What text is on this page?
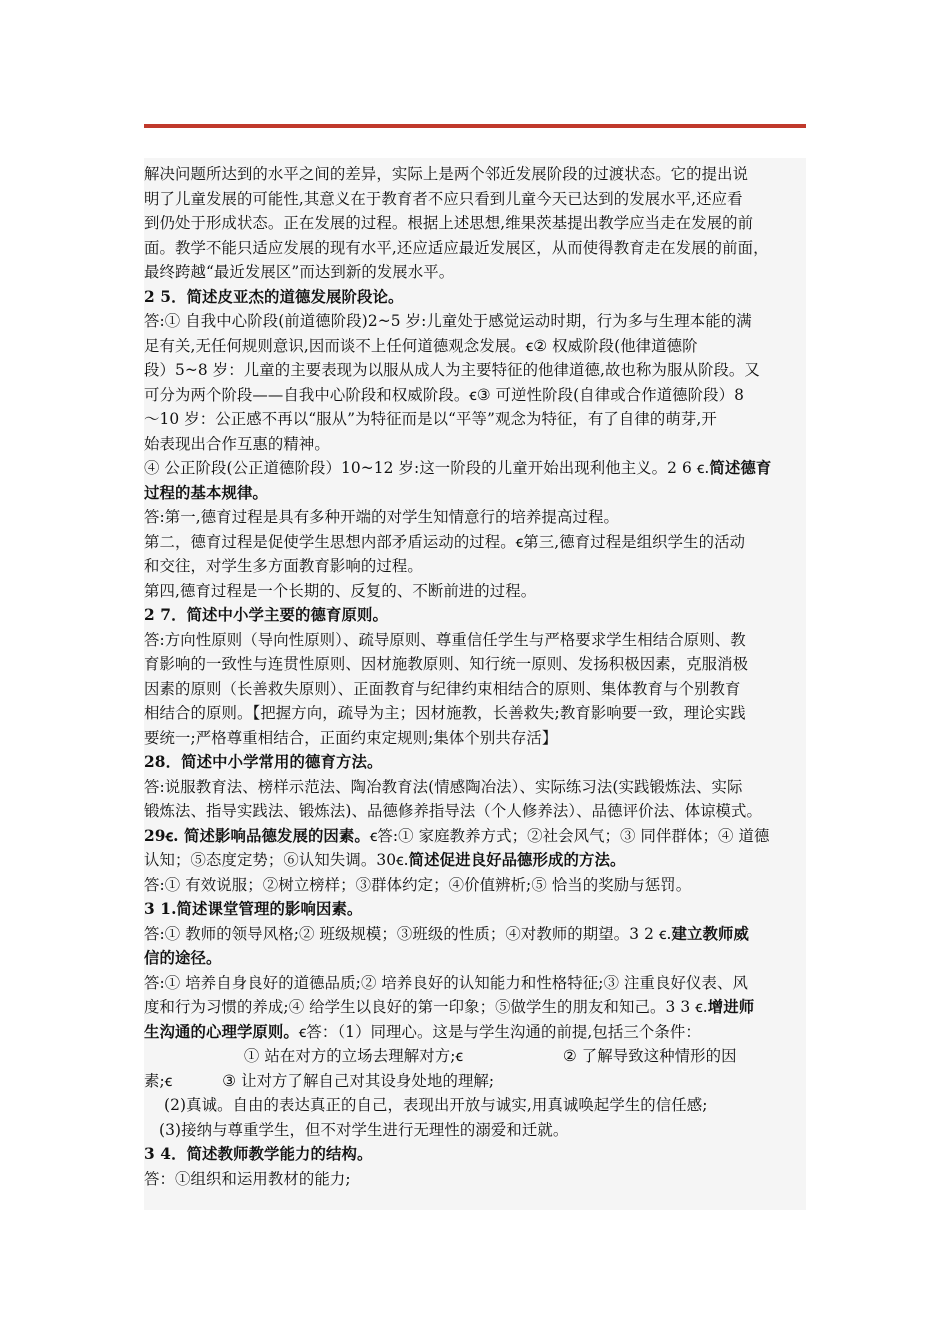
解决问题所达到的水平之间的差异，实际上是两个邻近发展阶段的过渡状态。它的提出说

明了儿童发展的可能性,其意义在于教育者不应只看到儿童今天已达到的发展水平,还应看

到仍处于形成状态。正在发展的过程。根据上述思想,维果茨基提出教学应当走在发展的前

面。教学不能只适应发展的现有水平,还应适应最近发展区，从而使得教育走在发展的前面，

最终跨越“最近发展区”而达到新的发展水平。

2 5．简述皮亚杰的道德发展阶段论。

答:① 自我中心阶段(前道德阶段)2~5 岁:儿童处于感觉运动时期，行为多与生理本能的满

足有关,无任何规则意识,因而谈不上任何道德观念发展。ꞓ② 权威阶段(他律道德阶

段）5~8 岁：儿童的主要表现为以服从成人为主要特征的他律道德,故也称为服从阶段。又

可分为两个阶段——自我中心阶段和权威阶段。ꞓ③ 可逆性阶段(自律或合作道德阶段）8

～10 岁：公正感不再以“服从”为特征而是以“平等”观念为特征，有了自律的萌芽,开

始表现出合作互惠的精神。

④ 公正阶段(公正道德阶段）10~12 岁:这一阶段的儿童开始出现利他主义。2 6 ꞓ.简述德育

过程的基本规律。

答:第一,德育过程是具有多种开端的对学生知情意行的培养提高过程。

第二，德育过程是促使学生思想内部矛盾运动的过程。ꞓ第三,德育过程是组织学生的活动

和交往，对学生多方面教育影响的过程。

第四,德育过程是一个长期的、反复的、不断前进的过程。

2 7．简述中小学主要的德育原则。

答:方向性原则（导向性原则）、疏导原则、尊重信任学生与严格要求学生相结合原则、教

育影响的一致性与连贯性原则、因材施教原则、知行统一原则、发扬积极因素，克服消极

因素的原则（长善救失原则）、正面教育与纪律约束相结合的原则、集体教育与个别教育

相结合的原则。【把握方向，疏导为主；因材施教，长善救失;教育影响要一致，理论实践

要统一;严格尊重相结合，正面约束定规则;集体个别共存活】

28．简述中小学常用的德育方法。

答:说服教育法、榜样示范法、陶冶教育法(情感陶冶法）、实际练习法(实践锻炼法、实际

锻炼法、指导实践法、锻炼法)、品德修养指导法（个人修养法）、品德评价法、体谅模式。

29ꞓ. 简述影响品德发展的因素。ꞓ答:① 家庭教养方式；②社会风气；③ 同伴群体；④ 道德

认知；⑤态度定势；⑥认知失调。30ꞓ.简述促进良好品德形成的方法。

答:① 有效说服；②树立榜样；③群体约定；④价值辨析;⑤ 恰当的奖励与惩罚。

3 1.简述课堂管理的影响因素。

答:① 教师的领导风格;② 班级规模；③班级的性质；④对教师的期望。3 2 ꞓ.建立教师威

信的途径。

答:① 培养自身良好的道德品质;② 培养良好的认知能力和性格特征;③ 注重良好仪表、风

度和行为习惯的养成;④ 给学生以良好的第一印象；⑤做学生的朋友和知己。3 3 ꞓ.增进师

生沟通的心理学原则。ꞓ答：（1）同理心。这是与学生沟通的前提,包括三个条件：

① 站在对方的立场去理解对方;ꞓ                    ② 了解导致这种情形的因

素;ꞓ          ③ 让对方了解自己对其设身处地的理解;

(2)真诚。自由的表达真正的自己，表现出开放与诚实,用真诚唤起学生的信任感;

(3)接纳与尊重学生，但不对学生进行无理性的溺爱和迁就。

3 4．简述教师教学能力的结构。

答：①组织和运用教材的能力;
